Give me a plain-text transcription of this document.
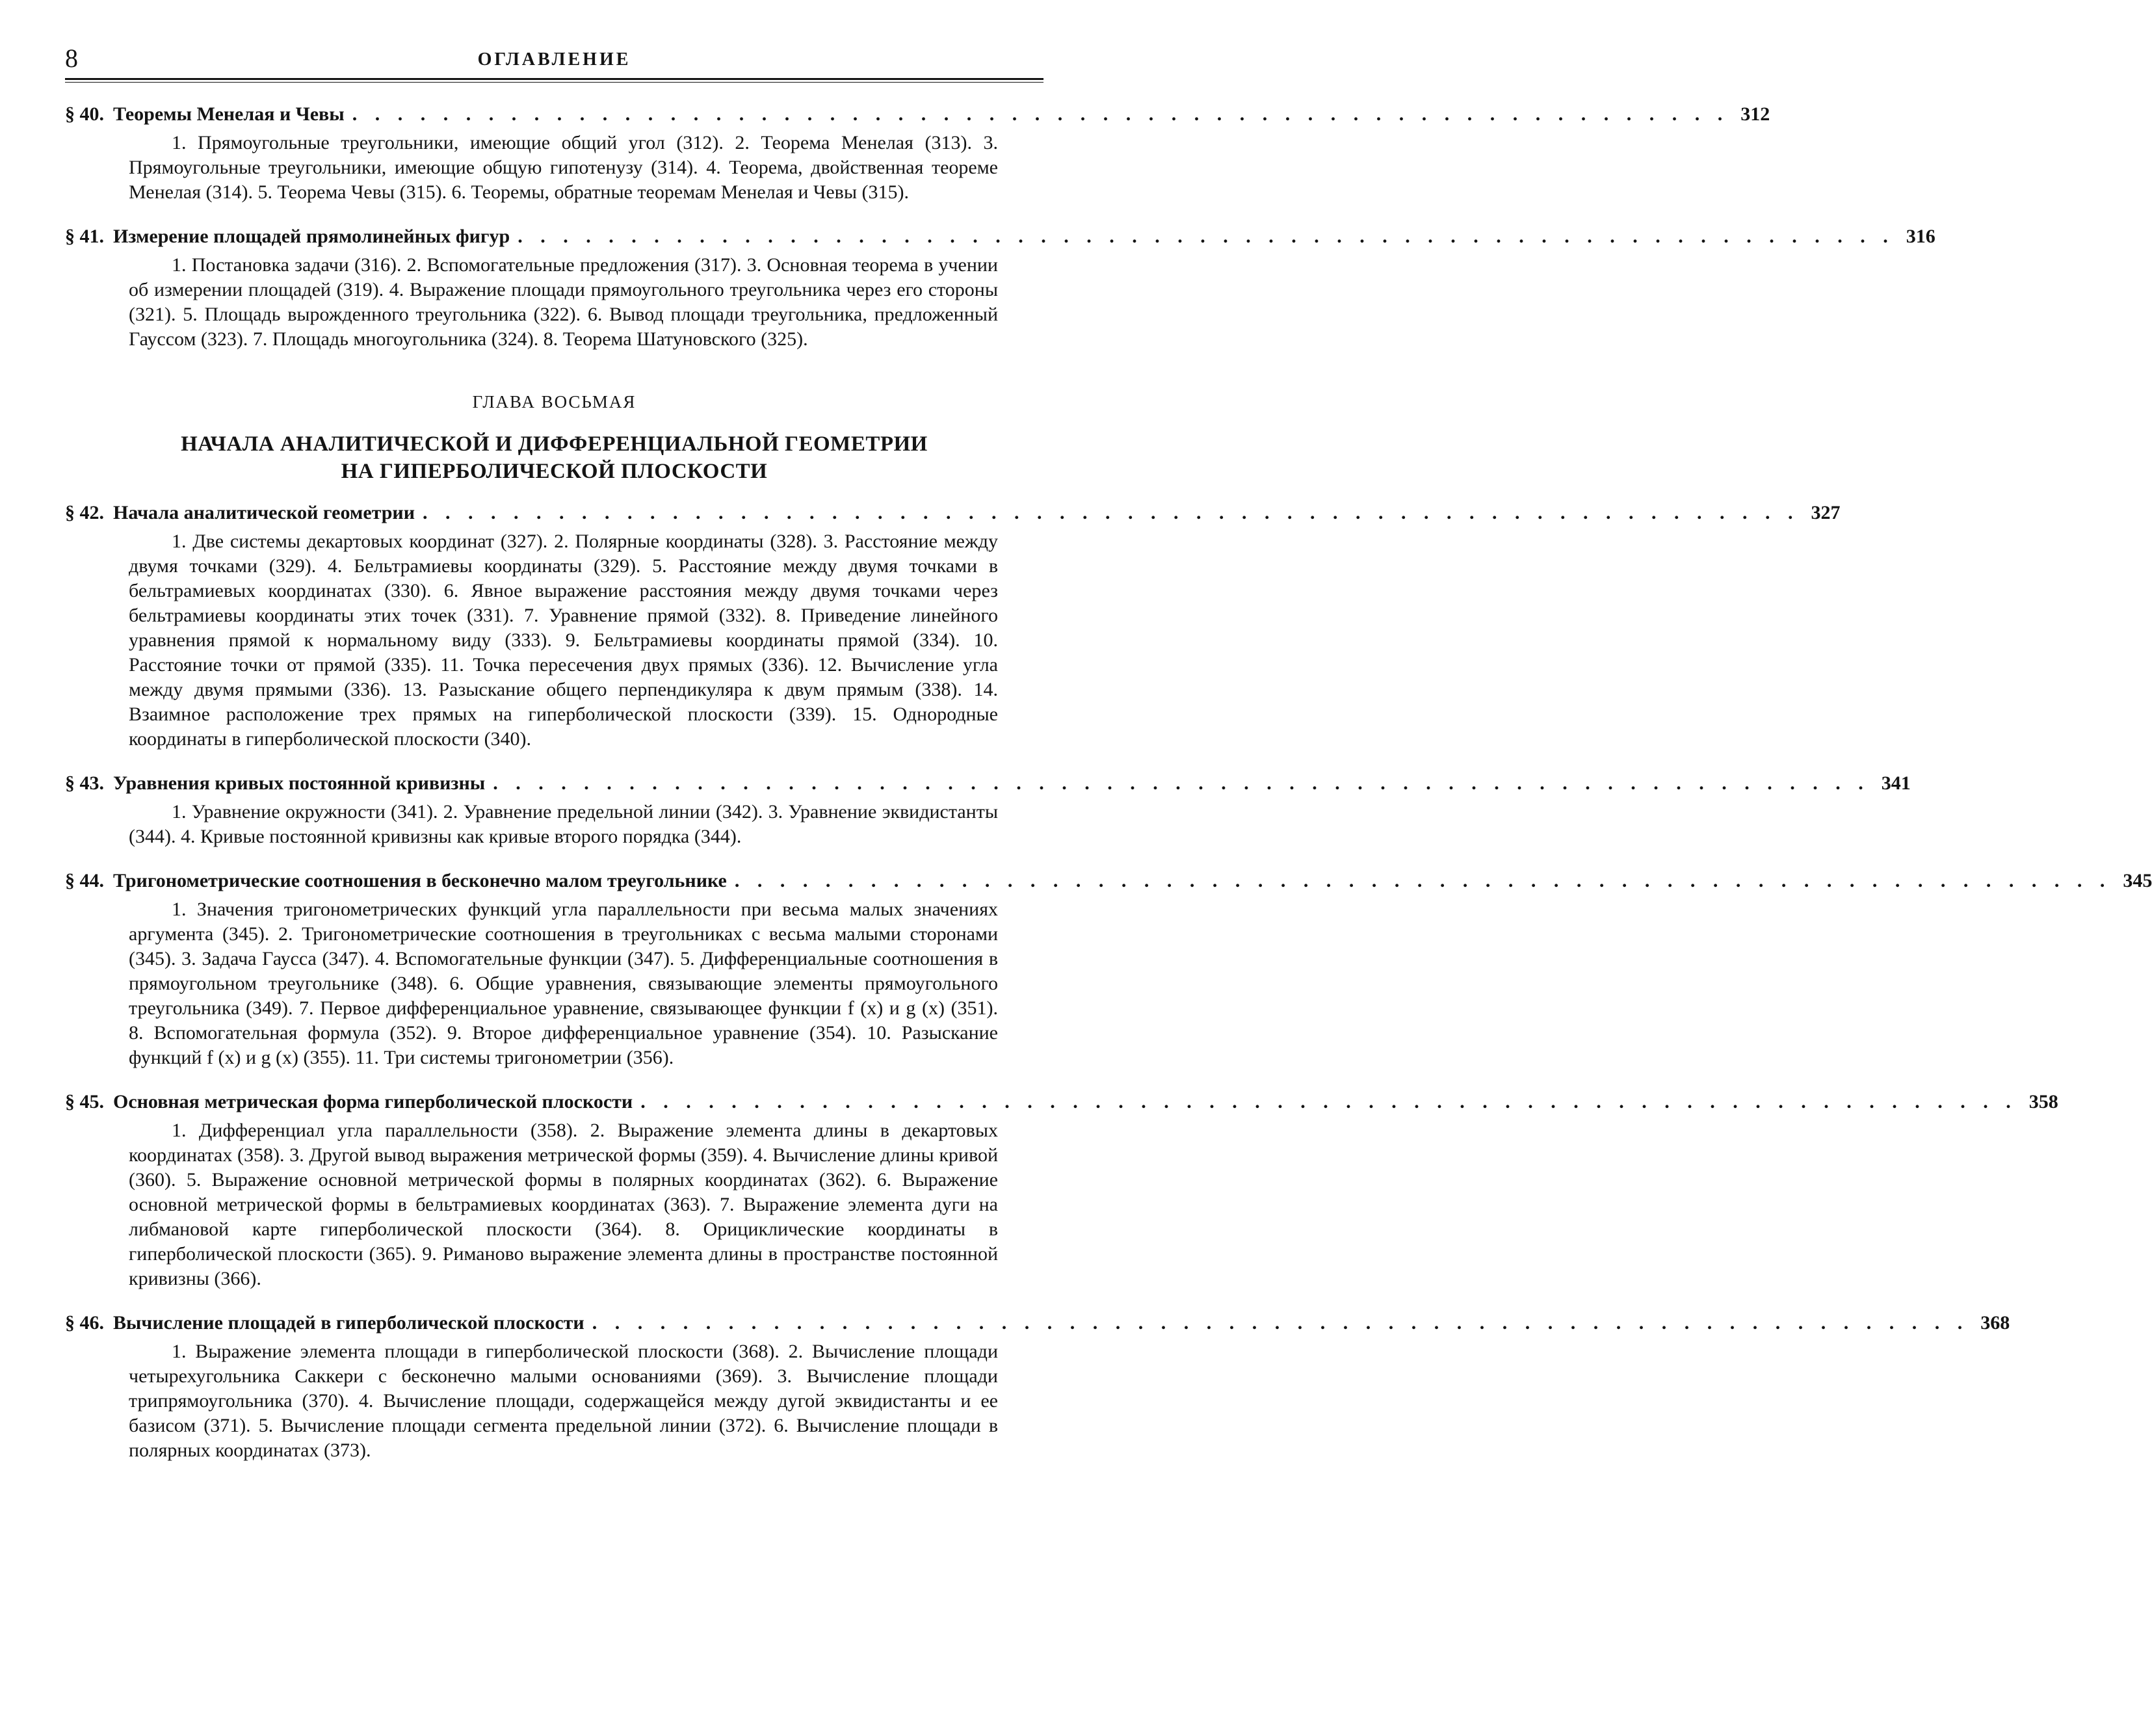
8	ОГЛАВЛЕНИЕ
§ 40. Теоремы Менелая и Чевы . . . . . . . . . . . . . . . . . . . . . . . . . . . . . . . . . . . . . . . . . . . . . . . . . . . . . . . . . . . . . 312
1. Прямоугольные треугольники, имеющие общий угол (312). 2. Теорема Менелая (313). 3. Прямоугольные треугольники, имеющие общую гипотенузу (314). 4. Теорема, двойственная теореме Менелая (314). 5. Теорема Чевы (315). 6. Теоремы, обратные теоремам Менелая и Чевы (315).
§ 41. Измерение площадей прямолинейных фигур . . . . . . . . . . . . . . . . . . . . . . . . . . . . . . . . . . . . . . . . . . . . . . . . . . . . . . . . . . . . . 316
1. Постановка задачи (316). 2. Вспомогательные предложения (317). 3. Основная теорема в учении об измерении площадей (319). 4. Выражение площади прямоугольного треугольника через его стороны (321). 5. Площадь вырожденного треугольника (322). 6. Вывод площади треугольника, предложенный Гауссом (323). 7. Площадь многоугольника (324). 8. Теорема Шатуновского (325).
ГЛАВА ВОСЬМАЯ
НАЧАЛА АНАЛИТИЧЕСКОЙ И ДИФФЕРЕНЦИАЛЬНОЙ ГЕОМЕТРИИ
НА ГИПЕРБОЛИЧЕСКОЙ ПЛОСКОСТИ
§ 42. Начала аналитической геометрии . . . . . . . . . . . . . . . . . . . . . . . . . . . . . . . . . . . . . . . . . . . . . . . . . . . . . . . . . . . . . 327
1. Две системы декартовых координат (327). 2. Полярные координаты (328). 3. Расстояние между двумя точками (329). 4. Бельтрамиевы координаты (329). 5. Расстояние между двумя точками в бельтрамиевых координатах (330). 6. Явное выражение расстояния между двумя точками через бельтрамиевы координаты этих точек (331). 7. Уравнение прямой (332). 8. Приведение линейного уравнения прямой к нормальному виду (333). 9. Бельтрамиевы координаты прямой (334). 10. Расстояние точки от прямой (335). 11. Точка пересечения двух прямых (336). 12. Вычисление угла между двумя прямыми (336). 13. Разыскание общего перпендикуляра к двум прямым (338). 14. Взаимное расположение трех прямых на гиперболической плоскости (339). 15. Однородные координаты в гиперболической плоскости (340).
§ 43. Уравнения кривых постоянной кривизны . . . . . . . . . . . . . . . . . . . . . . . . . . . . . . . . . . . . . . . . . . . . . . . . . . . . . . . . . . . . . 341
1. Уравнение окружности (341). 2. Уравнение предельной линии (342). 3. Уравнение эквидистанты (344). 4. Кривые постоянной кривизны как кривые второго порядка (344).
§ 44. Тригонометрические соотношения в бесконечно малом треугольнике . . . . . . . . . . . . . . . . . . . . . . . . . . . . . . . . . . . . . . . . . . . . . . . . . . . . . . . . . . . . . 345
1. Значения тригонометрических функций угла параллельности при весьма малых значениях аргумента (345). 2. Тригонометрические соотношения в треугольниках с весьма малыми сторонами (345). 3. Задача Гаусса (347). 4. Вспомогательные функции (347). 5. Дифференциальные соотношения в прямоугольном треугольнике (348). 6. Общие уравнения, связывающие элементы прямоугольного треугольника (349). 7. Первое дифференциальное уравнение, связывающее функции f (x) и g (x) (351). 8. Вспомогательная формула (352). 9. Второе дифференциальное уравнение (354). 10. Разыскание функций f (x) и g (x) (355). 11. Три системы тригонометрии (356).
§ 45. Основная метрическая форма гиперболической плоскости . . . . . . . . . . . . . . . . . . . . . . . . . . . . . . . . . . . . . . . . . . . . . . . . . . . . . . . . . . . . . 358
1. Дифференциал угла параллельности (358). 2. Выражение элемента длины в декартовых координатах (358). 3. Другой вывод выражения метрической формы (359). 4. Вычисление длины кривой (360). 5. Выражение основной метрической формы в полярных координатах (362). 6. Выражение основной метрической формы в бельтрамиевых координатах (363). 7. Выражение элемента дуги на либмановой карте гиперболической плоскости (364). 8. Орициклические координаты в гиперболической плоскости (365). 9. Риманово выражение элемента длины в пространстве постоянной кривизны (366).
§ 46. Вычисление площадей в гиперболической плоскости . . . . . . . . . . . . . . . . . . . . . . . . . . . . . . . . . . . . . . . . . . . . . . . . . . . . . . . . . . . . . 368
1. Выражение элемента площади в гиперболической плоскости (368). 2. Вычисление площади четырехугольника Саккери с бесконечно малыми основаниями (369). 3. Вычисление площади трипрямоугольника (370). 4. Вычисление площади, содержащейся между дугой эквидистанты и ее базисом (371). 5. Вычисление площади сегмента предельной линии (372). 6. Вычисление площади в полярных координатах (373).
